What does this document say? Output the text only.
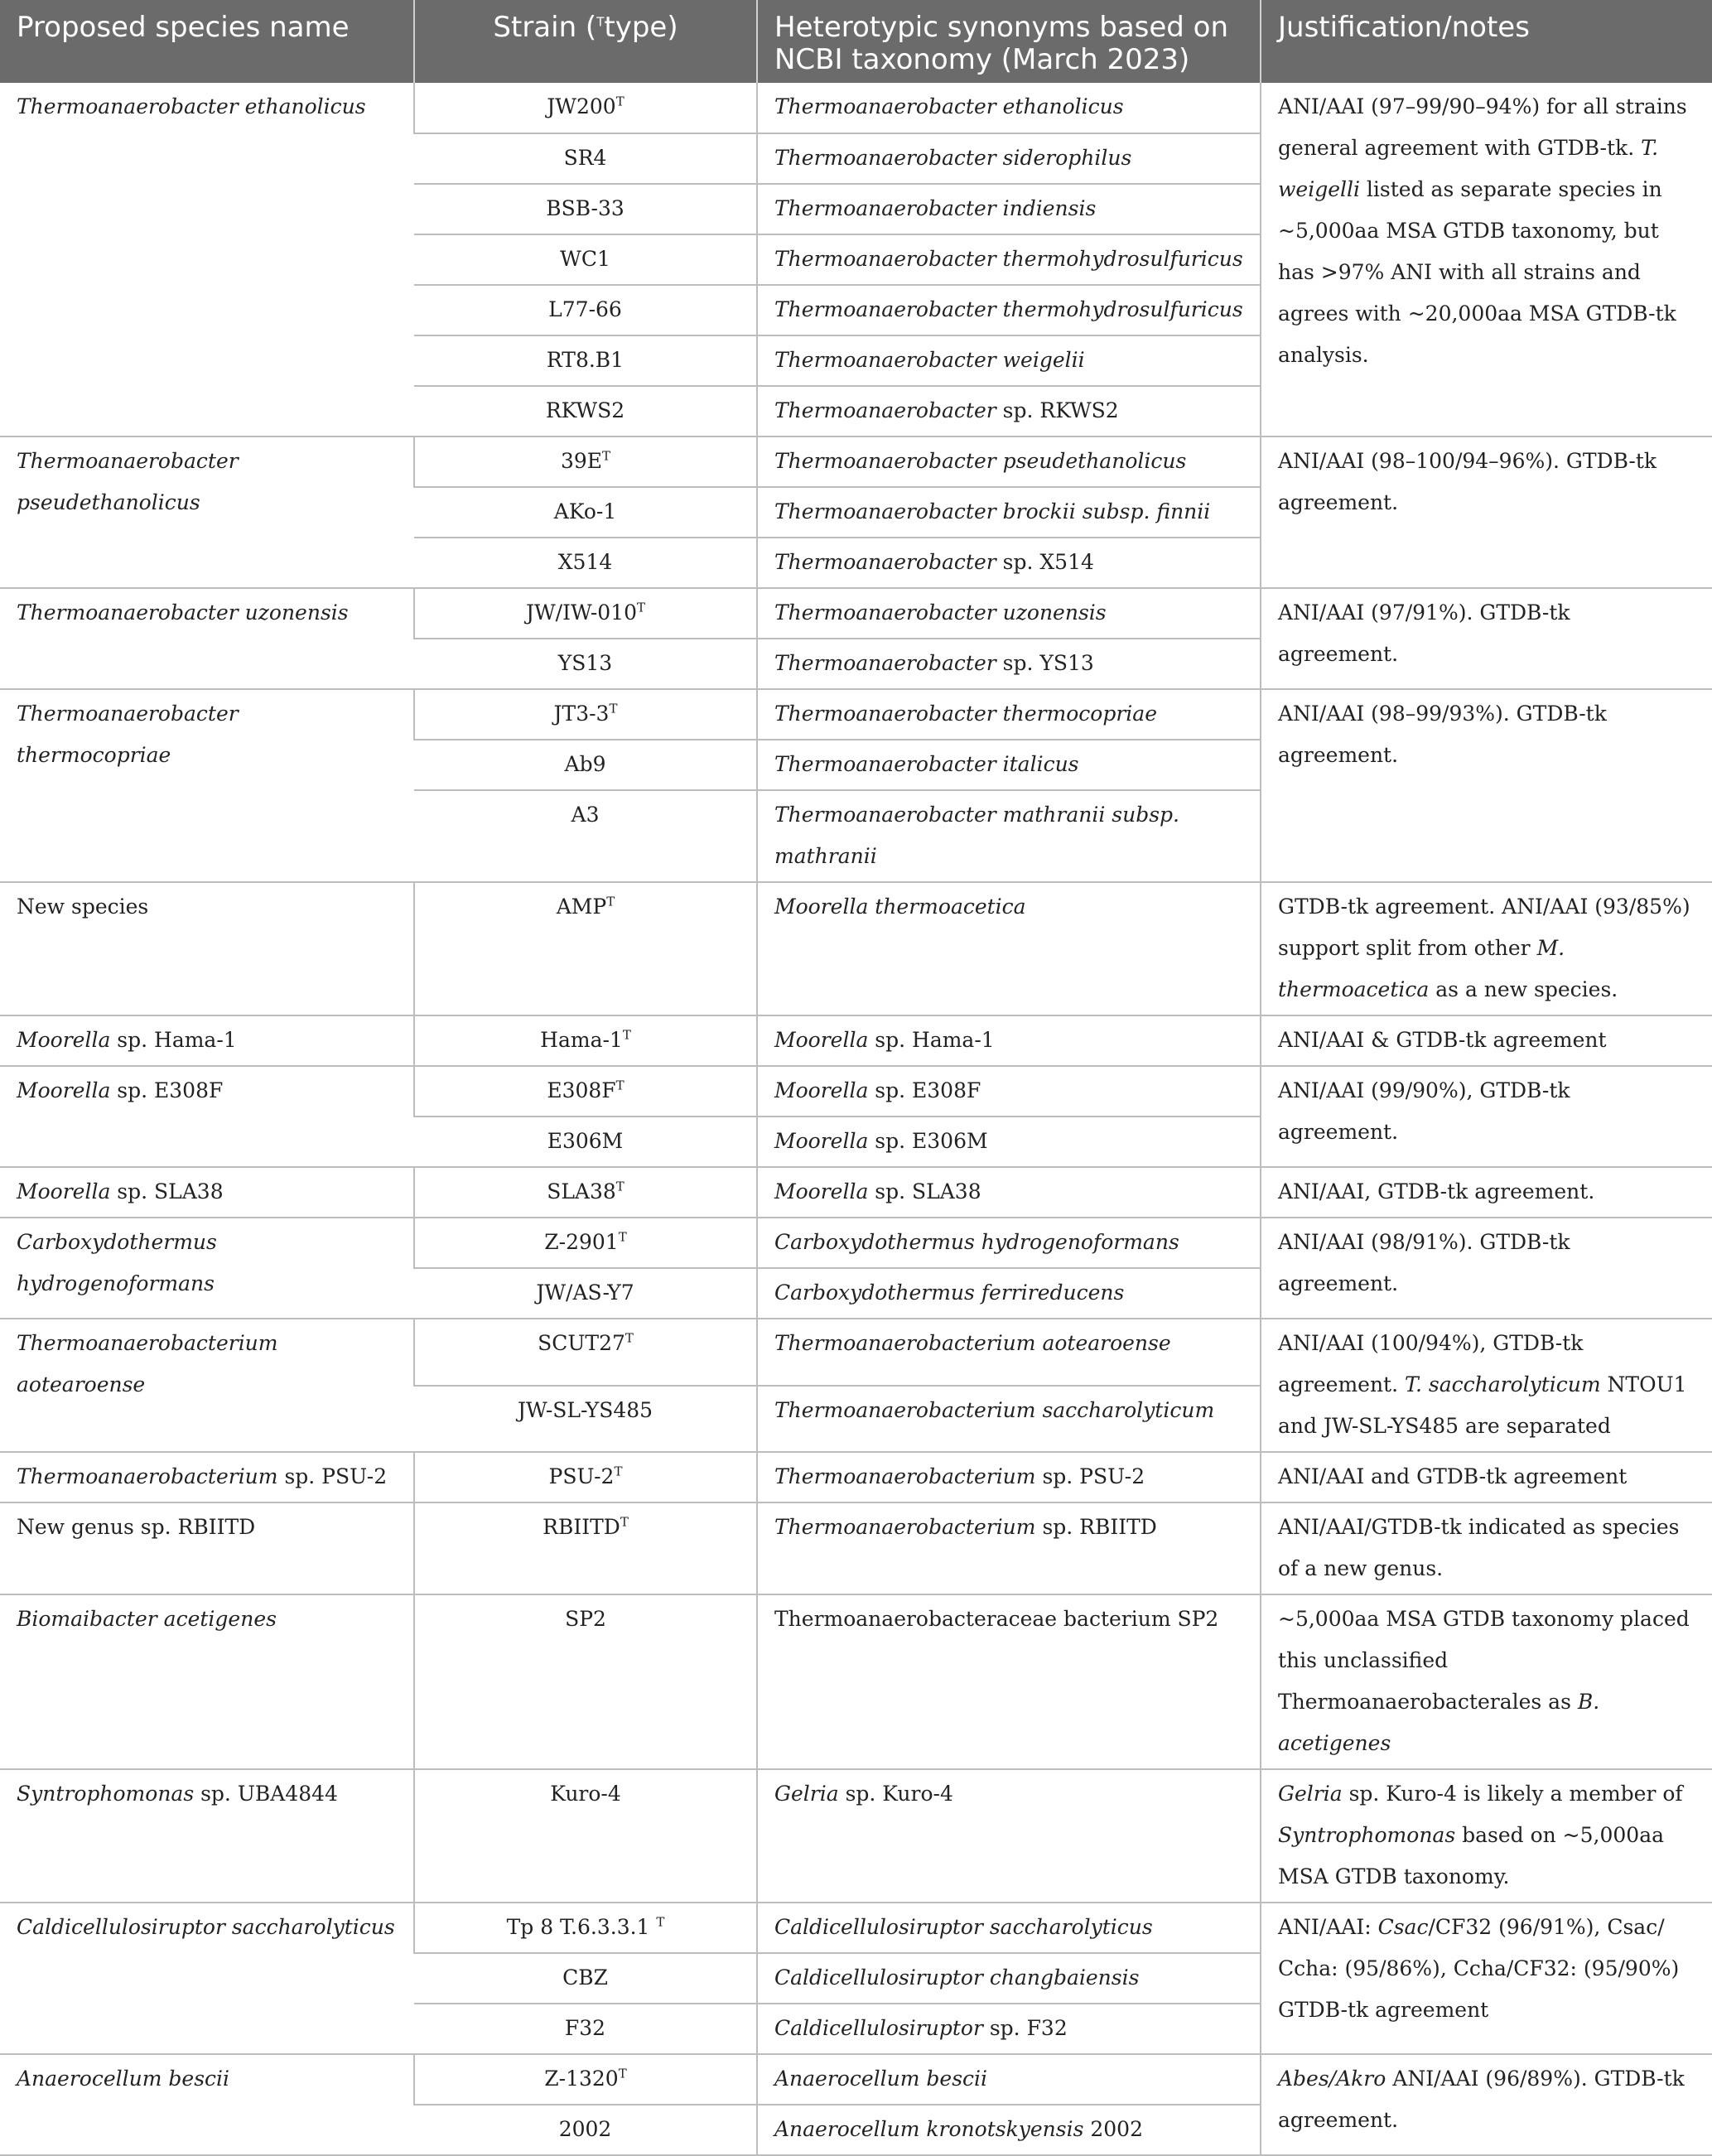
Proposed species name	Strain ($^T$type)	Heterotypic synonyms based on NCBI taxonomy (March 2023)	Justification/notes
Thermoanaerobacter ethanolicus	$JW200^T$	Thermoanaerobacter ethanolicus	ANI/AAI (97–99/90–94%) for all strains general agreement with GTDB-tk. T. weigelli listed as separate species in ~5,000aa MSA GTDB taxonomy, but has >97% ANI with all strains and agrees with ~20,000aa MSA GTDB-tk analysis.
	SR4	Thermoanaerobacter siderophilus	
	BSB-33	Thermoanaerobacter indiensis	
	WC1	Thermoanaerobacter thermohydrosulfuricus	
	L77-66	Thermoanaerobacter thermohydrosulfuricus	
	RT8.B1	Thermoanaerobacter weigelii	
	RKWS2	Thermoanaerobacter sp. RKWS2	
Thermoanaerobacter pseudethanolicus	$39E^T$	Thermoanaerobacter pseudethanolicus	ANI/AAI (98–100/94–96%). GTDB-tk agreement.
	AKo-1	Thermoanaerobacter brockii subsp. finnii	
	X514	Thermoanaerobacter sp. X514	
Thermoanaerobacter uzonensis	$JW/IW-010^T$	Thermoanaerobacter uzonensis	ANI/AAI (97/91%). GTDB-tk agreement.
	YS13	Thermoanaerobacter sp. YS13	
Thermoanaerobacter thermocopriae	$JT3-3^T$	Thermoanaerobacter thermocopriae	ANI/AAI (98–99/93%). GTDB-tk agreement.
	Ab9	Thermoanaerobacter italicus	
	A3	Thermoanaerobacter mathranii subsp. mathranii	
New species	$AMP^T$	Moorella thermoacetica	GTDB-tk agreement. ANI/AAI (93/85%) support split from other M. thermoacetica as a new species.
Moorella sp. Hama-1	Hama-$1^T$	Moorella sp. Hama-1	ANI/AAI & GTDB-tk agreement
Moorella sp. E308F	$E308F^T$	Moorella sp. E308F	ANI/AAI (99/90%), GTDB-tk agreement.
	E306M	Moorella sp. E306M	
Moorella sp. SLA38	$SLA38^T$	Moorella sp. SLA38	ANI/AAI, GTDB-tk agreement.
Carboxydothermus hydrogenoformans	$Z-2901^T$	Carboxydothermus hydrogenoformans	ANI/AAI (98/91%). GTDB-tk agreement.
	JW/AS-Y7	Carboxydothermus ferrireducens	
Thermoanaerobacterium aotearoense	$SCUT27^T$	Thermoanaerobacterium aotearoense	ANI/AAI (100/94%), GTDB-tk agreement. T. saccharolyticum NTOU1 and JW-SL-YS485 are separated
	JW-SL-YS485	Thermoanaerobacterium saccharolyticum	
Thermoanaerobacterium sp. PSU-2	PSU-$2^T$	Thermoanaerobacterium sp. PSU-2	ANI/AAI and GTDB-tk agreement
New genus sp. RBIITD	$RBIITD^T$	Thermoanaerobacterium sp. RBIITD	ANI/AAI/GTDB-tk indicated as species of a new genus.
Biomaibacter acetigenes	SP2	Thermoanaerobacteraceae bacterium SP2	~5,000aa MSA GTDB taxonomy placed this unclassified Thermoanaerobacterales as B. acetigenes
Syntrophomonas sp. UBA4844	Kuro-4	Gelria sp. Kuro-4	Gelria sp. Kuro-4 is likely a member of Syntrophomonas based on ~5,000aa MSA GTDB taxonomy.
Caldicellulosiruptor saccharolyticus	Tp 8 T.6.3.3.1 $^T$	Caldicellulosiruptor saccharolyticus	ANI/AAI: Csac/CF32 (96/91%), Csac/ Ccha: (95/86%), Ccha/CF32: (95/90%) GTDB-tk agreement
	CBZ	Caldicellulosiruptor changbaiensis	
	F32	Caldicellulosiruptor sp. F32	
Anaerocellum bescii	$Z-1320^T$	Anaerocellum bescii	Abes/Akro ANI/AAI (96/89%). GTDB-tk agreement.
	2002	Anaerocellum kronotskyensis 2002	
